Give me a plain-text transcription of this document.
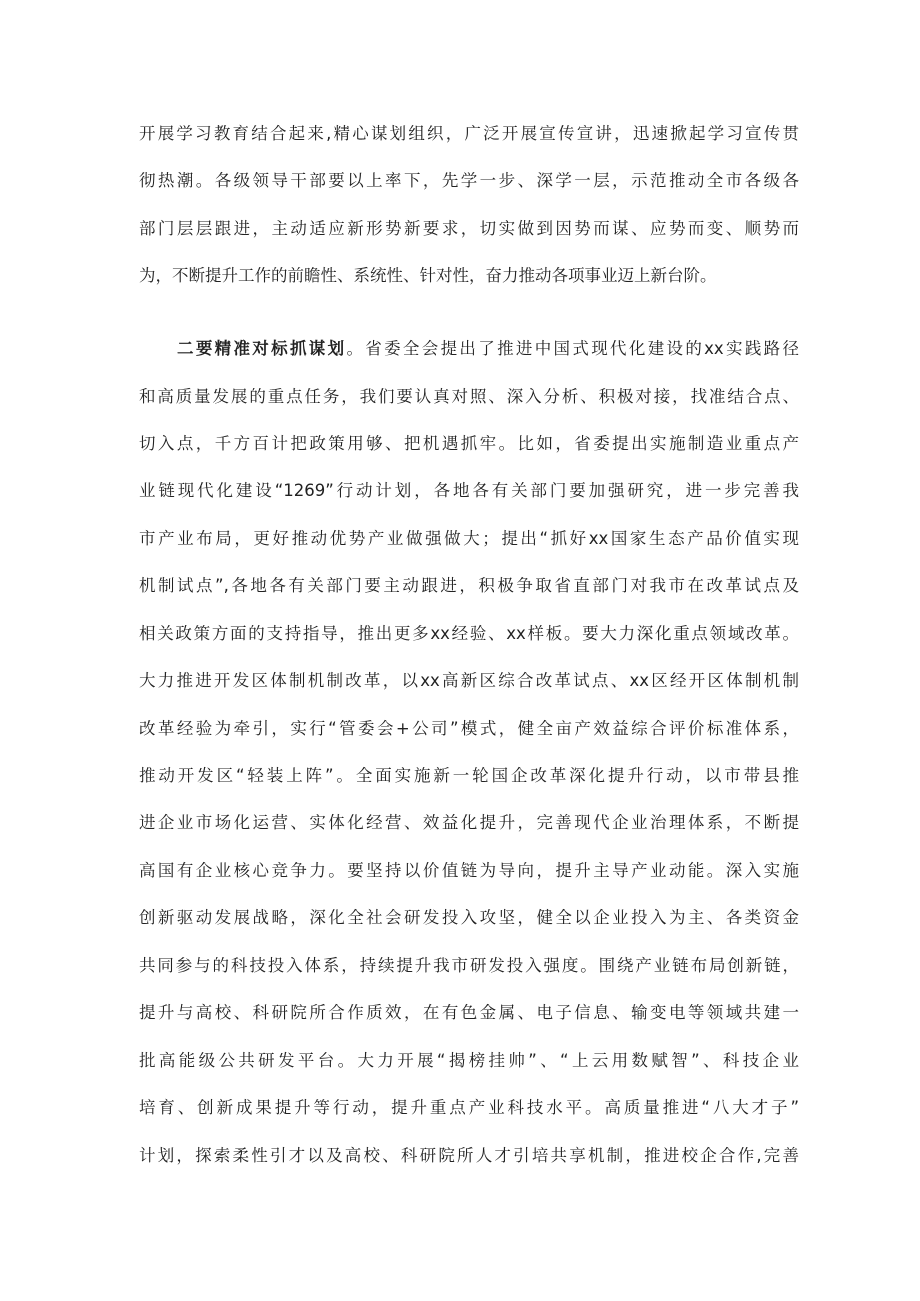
开展学习教育结合起来,精心谋划组织，广泛开展宣传宣讲，迅速掀起学习宣传贯
彻热潮。各级领导干部要以上率下，先学一步、深学一层，示范推动全市各级各
部门层层跟进，主动适应新形势新要求，切实做到因势而谋、应势而变、顺势而
为，不断提升工作的前瞻性、系统性、针对性，奋力推动各项事业迈上新台阶。
二要精准对标抓谋划。省委全会提出了推进中国式现代化建设的xx实践路径
和高质量发展的重点任务，我们要认真对照、深入分析、积极对接，找准结合点、
切入点，千方百计把政策用够、把机遇抓牢。比如，省委提出实施制造业重点产
业链现代化建设“1269”行动计划，各地各有关部门要加强研究，进一步完善我
市产业布局，更好推动优势产业做强做大；提出“抓好xx国家生态产品价值实现
机制试点”,各地各有关部门要主动跟进，积极争取省直部门对我市在改革试点及
相关政策方面的支持指导，推出更多xx经验、xx样板。要大力深化重点领域改革。
大力推进开发区体制机制改革，以xx高新区综合改革试点、xx区经开区体制机制
改革经验为牵引，实行“管委会+公司”模式，健全亩产效益综合评价标准体系，
推动开发区“轻装上阵”。全面实施新一轮国企改革深化提升行动，以市带县推
进企业市场化运营、实体化经营、效益化提升，完善现代企业治理体系，不断提
高国有企业核心竞争力。要坚持以价值链为导向，提升主导产业动能。深入实施
创新驱动发展战略，深化全社会研发投入攻坚，健全以企业投入为主、各类资金
共同参与的科技投入体系，持续提升我市研发投入强度。围绕产业链布局创新链，
提升与高校、科研院所合作质效，在有色金属、电子信息、输变电等领域共建一
批高能级公共研发平台。大力开展“揭榜挂帅”、“上云用数赋智”、科技企业
培育、创新成果提升等行动，提升重点产业科技水平。高质量推进“八大才子”
计划，探索柔性引才以及高校、科研院所人才引培共享机制，推进校企合作,完善
